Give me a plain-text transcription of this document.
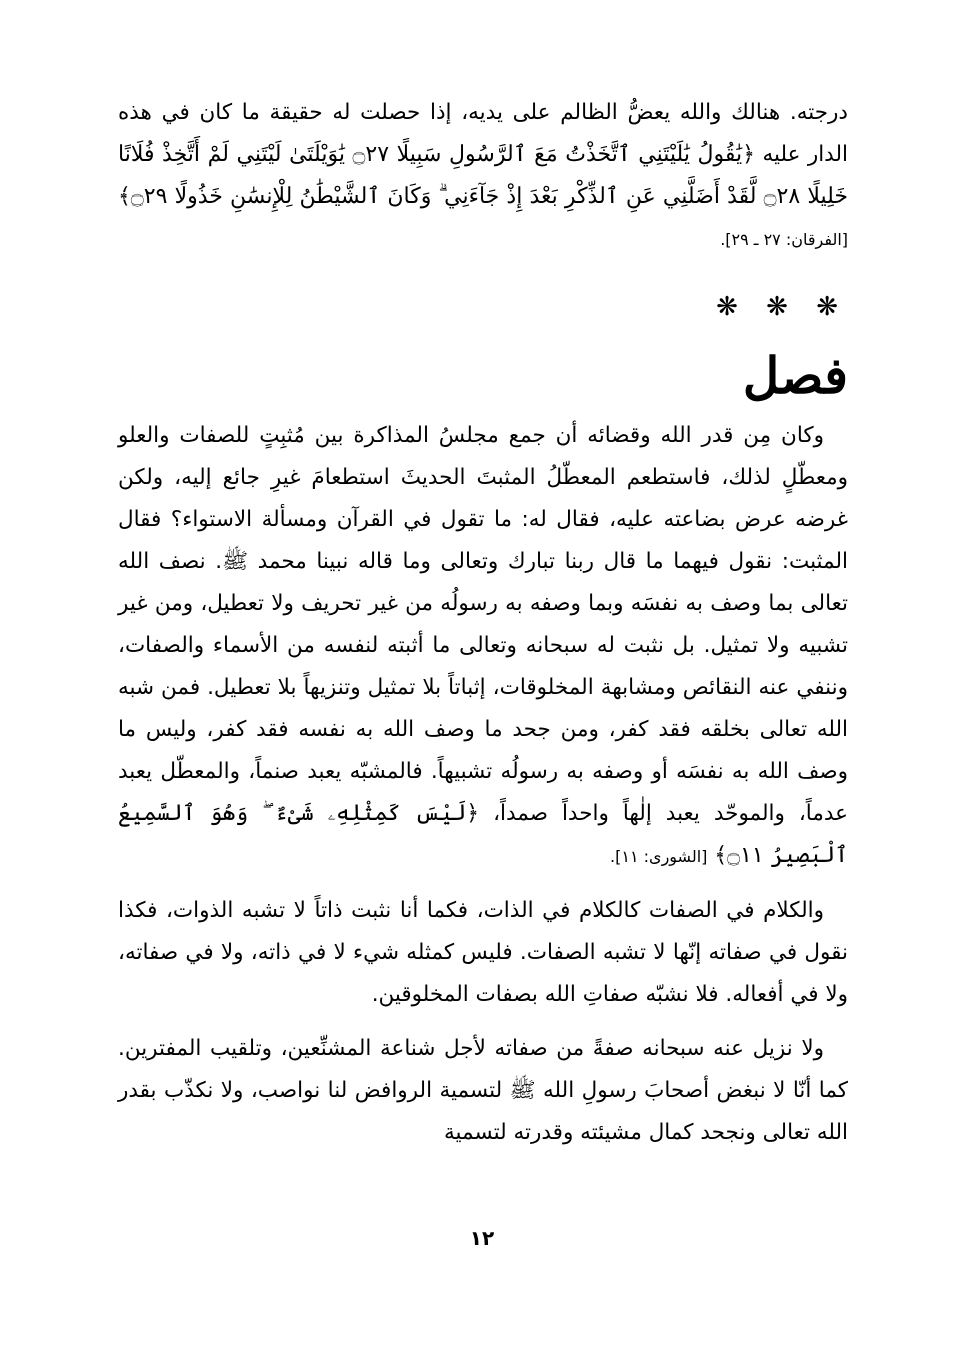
درجته. هنالك والله يعضُّ الظالم على يديه، إذا حصلت له حقيقة ما كان في هذه الدار عليه ﴿يَٰقُولُ يَٰلَيْتَنِي ٱتَّخَذْتُ مَعَ ٱلرَّسُولِ سَبِيلًا ۝٢٧ يَٰوَيْلَتَىٰ لَيْتَنِي لَمْ أَتَّخِذْ فُلَانًا خَلِيلًا ۝٢٨ لَّقَدْ أَضَلَّنِي عَنِ ٱلذِّكْرِ بَعْدَ إِذْ جَآءَنِي ۗ وَكَانَ ٱلشَّيْطَٰنُ لِلْإِنسَٰنِ خَذُولًا ۝٢٩﴾ [الفرقان: ٢٧ ـ ٢٩].

❋ ❋ ❋
فصل

وكان مِن قدر الله وقضائه أن جمع مجلسُ المذاكرة بين مُثبِتٍ للصفات والعلو ومعطّلٍ لذلك، فاستطعم المعطّلُ المثبتَ الحديثَ استطعامَ غيرِ جائع إليه، ولكن غرضه عرض بضاعته عليه، فقال له: ما تقول في القرآن ومسألة الاستواء؟ فقال المثبت: نقول فيهما ما قال ربنا تبارك وتعالى وما قاله نبينا محمد ﷺ. نصف الله تعالى بما وصف به نفسَه وبما وصفه به رسولُه من غير تحريف ولا تعطيل، ومن غير تشبيه ولا تمثيل. بل نثبت له سبحانه وتعالى ما أثبته لنفسه من الأسماء والصفات، وننفي عنه النقائص ومشابهة المخلوقات، إثباتاً بلا تمثيل وتنزيهاً بلا تعطيل. فمن شبه الله تعالى بخلقه فقد كفر، ومن جحد ما وصف الله به نفسه فقد كفر، وليس ما وصف الله به نفسَه أو وصفه به رسولُه تشبيهاً. فالمشبّه يعبد صنماً، والمعطّل يعبد عدماً، والموحّد يعبد إلٰهاً واحداً صمداً، ﴿لَيْسَ كَمِثْلِهِۦ شَىْءٌ ۖ وَهُوَ ٱلسَّمِيعُ ٱلْبَصِيرُ ۝١١﴾ [الشورى: ١١].

والكلام في الصفات كالكلام في الذات، فكما أنا نثبت ذاتاً لا تشبه الذوات، فكذا نقول في صفاته إنّها لا تشبه الصفات. فليس كمثله شيء لا في ذاته، ولا في صفاته، ولا في أفعاله. فلا نشبّه صفاتِ الله بصفات المخلوقين.

ولا نزيل عنه سبحانه صفةً من صفاته لأجل شناعة المشنِّعين، وتلقيب المفترين. كما أنّا لا نبغض أصحابَ رسولِ الله ﷺ لتسمية الروافض لنا نواصب، ولا نكذّب بقدر الله تعالى ونجحد كمال مشيئته وقدرته لتسمية

١٢
